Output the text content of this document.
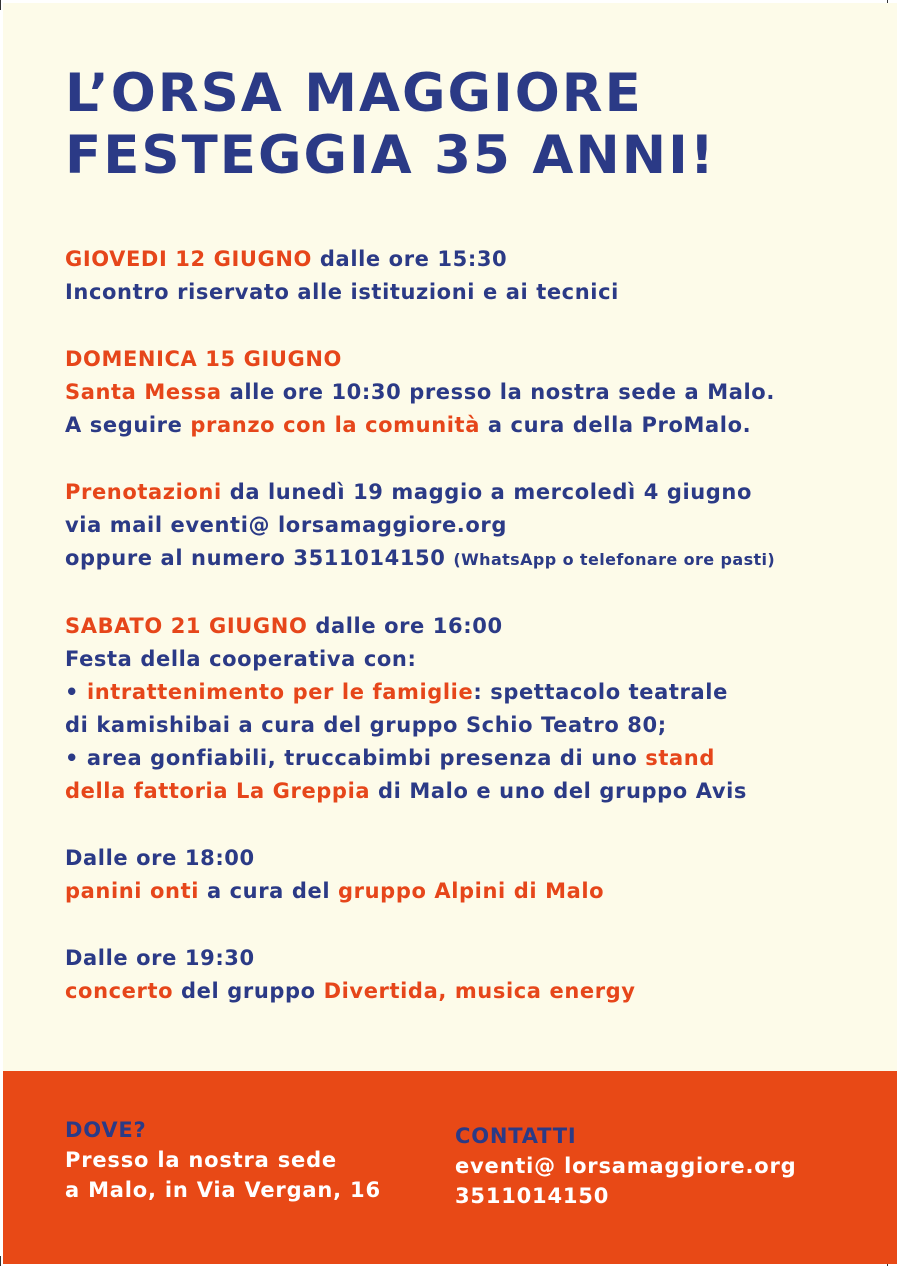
L’ORSA MAGGIORE
FESTEGGIA 35 ANNI!
GIOVEDI 12 GIUGNO dalle ore 15:30
Incontro riservato alle istituzioni e ai tecnici
DOMENICA 15 GIUGNO
Santa Messa alle ore 10:30 presso la nostra sede a Malo.
A seguire pranzo con la comunità a cura della ProMalo.
Prenotazioni da lunedì 19 maggio a mercoledì 4 giugno
via mail eventi@ lorsamaggiore.org
oppure al numero 3511014150 (WhatsApp o telefonare ore pasti)
SABATO 21 GIUGNO dalle ore 16:00
Festa della cooperativa con:
• intrattenimento per le famiglie: spettacolo teatrale
di kamishibai a cura del gruppo Schio Teatro 80;
• area gonfiabili, truccabimbi presenza di uno stand
della fattoria La Greppia di Malo e uno del gruppo Avis
Dalle ore 18:00
panini onti a cura del gruppo Alpini di Malo
Dalle ore 19:30
concerto del gruppo Divertida, musica energy
DOVE?
Presso la nostra sede
a Malo, in Via Vergan, 16
CONTATTI
eventi@ lorsamaggiore.org
3511014150
